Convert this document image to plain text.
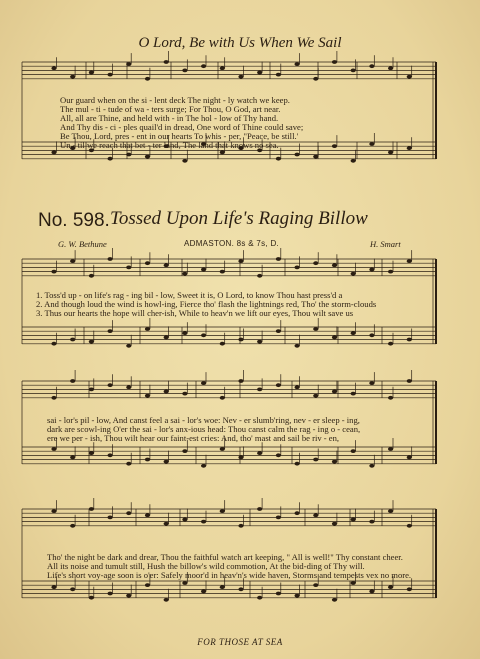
O Lord, Be with Us When We Sail
Our guard when on the si - lent deck The night - ly watch we keep.
The mul - ti - tude of wa - ters surge; For Thou, O God, art near.
All, all are Thine, and held with - in The hol - low of Thy hand.
And Thy dis - ci - ples quail'd in dread, One word of Thine could save;
Be Thou, Lord, pres - ent in our hearts To whis - per, "Peace, be still.'
Un - til we reach that bet - ter land, The land that knows no sea.
No. 598. Tossed Upon Life's Raging Billow
G. W. Bethune	ADMASTON. 8s & 7s, D.	H. Smart
1. Toss'd up - on life's rag - ing bil - low, Sweet it is, O Lord, to know Thou hast press'd a
2. And though loud the wind is howl-ing, Fierce tho' flash the lightnings red, Tho' the storm-clouds
3. Thus our hearts the hope will cher-ish, While to heav'n we lift our eyes, Thou wilt save us
sai - lor's pil - low, And canst feel a sai - lor's woe: Nev - er slumb'ring, nev - er sleep - ing,
dark are scowl-ing O'er the sai - lor's anx-ious head: Thou canst calm the rag - ing o - cean,
ere we per - ish, Thou wilt hear our faint-est cries: And, tho' mast and sail be riv - en,
Tho' the night be dark and drear, Thou the faithful watch art keeping, " All is well!" Thy constant cheer.
All its noise and tumult still, Hush the billow's wild commotion, At the bid-ding of Thy will.
Life's short voy-age soon is o'er: Safely moor'd in heav'n's wide haven, Storms and tempests vex no more.
FOR THOSE AT SEA
